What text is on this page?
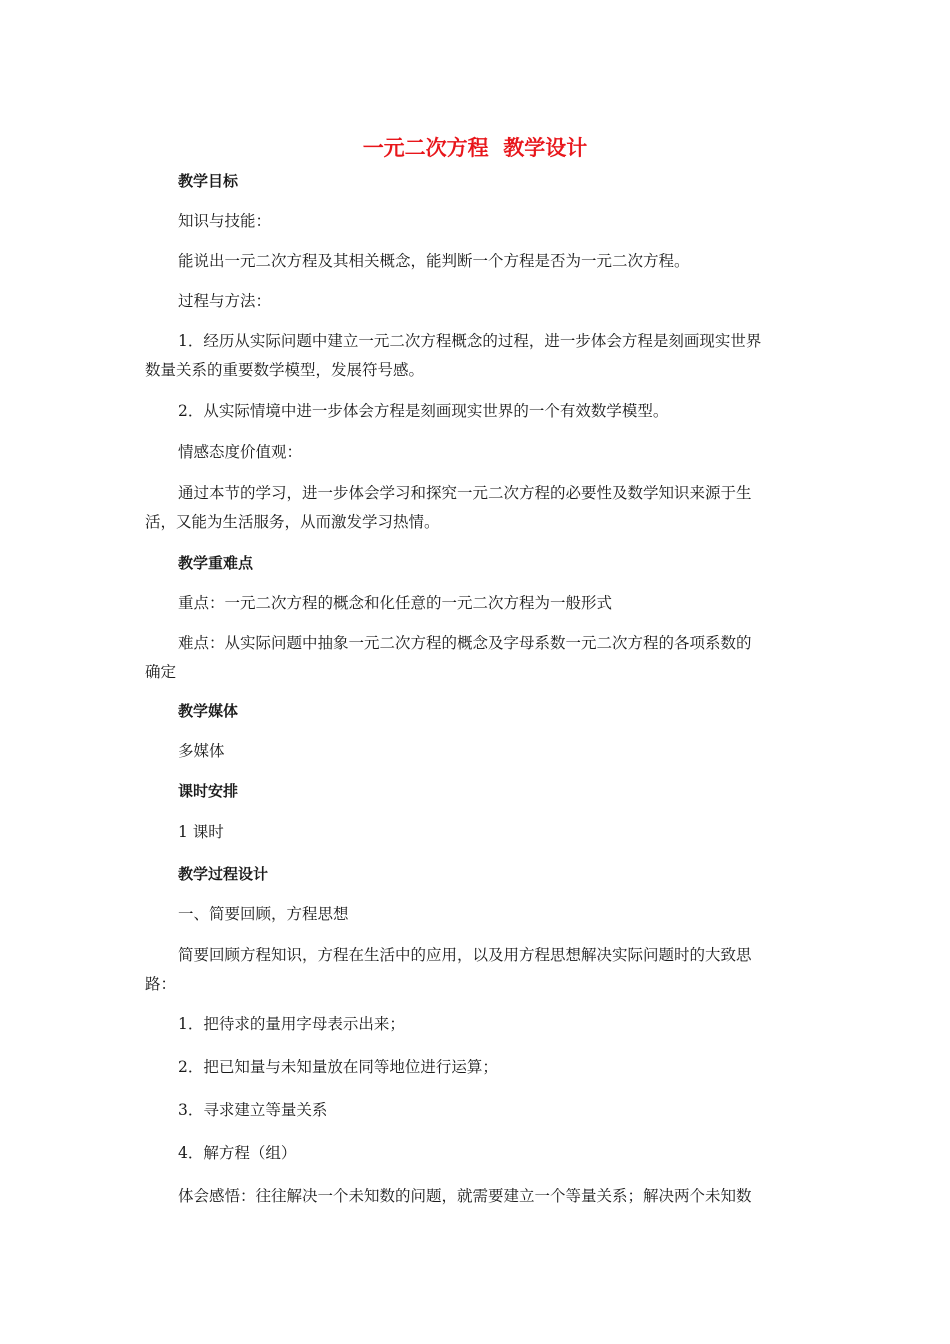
一元二次方程  教学设计
教学目标
知识与技能：
能说出一元二次方程及其相关概念，能判断一个方程是否为一元二次方程。
过程与方法：
1．经历从实际问题中建立一元二次方程概念的过程，进一步体会方程是刻画现实世界
数量关系的重要数学模型，发展符号感。
2．从实际情境中进一步体会方程是刻画现实世界的一个有效数学模型。
情感态度价值观：
通过本节的学习，进一步体会学习和探究一元二次方程的必要性及数学知识来源于生
活，又能为生活服务，从而激发学习热情。
教学重难点
重点：一元二次方程的概念和化任意的一元二次方程为一般形式
难点：从实际问题中抽象一元二次方程的概念及字母系数一元二次方程的各项系数的
确定
教学媒体
多媒体
课时安排
1 课时
教学过程设计
一、简要回顾，方程思想
简要回顾方程知识，方程在生活中的应用，以及用方程思想解决实际问题时的大致思
路：
1．把待求的量用字母表示出来；
2．把已知量与未知量放在同等地位进行运算；
3．寻求建立等量关系
4．解方程（组）
体会感悟：往往解决一个未知数的问题，就需要建立一个等量关系；解决两个未知数
